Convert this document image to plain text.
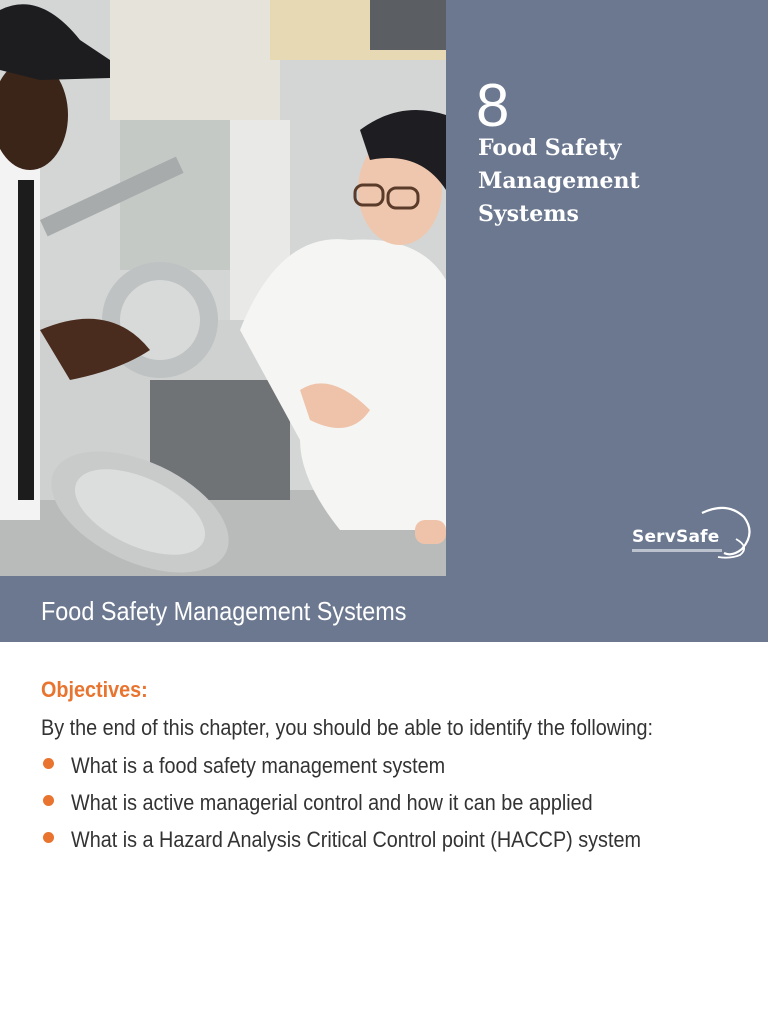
8
Food Safety
Management
Systems
ServSafe
Food Safety Management Systems
Objectives:
By the end of this chapter, you should be able to identify the following:
What is a food safety management system
What is active managerial control and how it can be applied
What is a Hazard Analysis Critical Control point (HACCP) system
